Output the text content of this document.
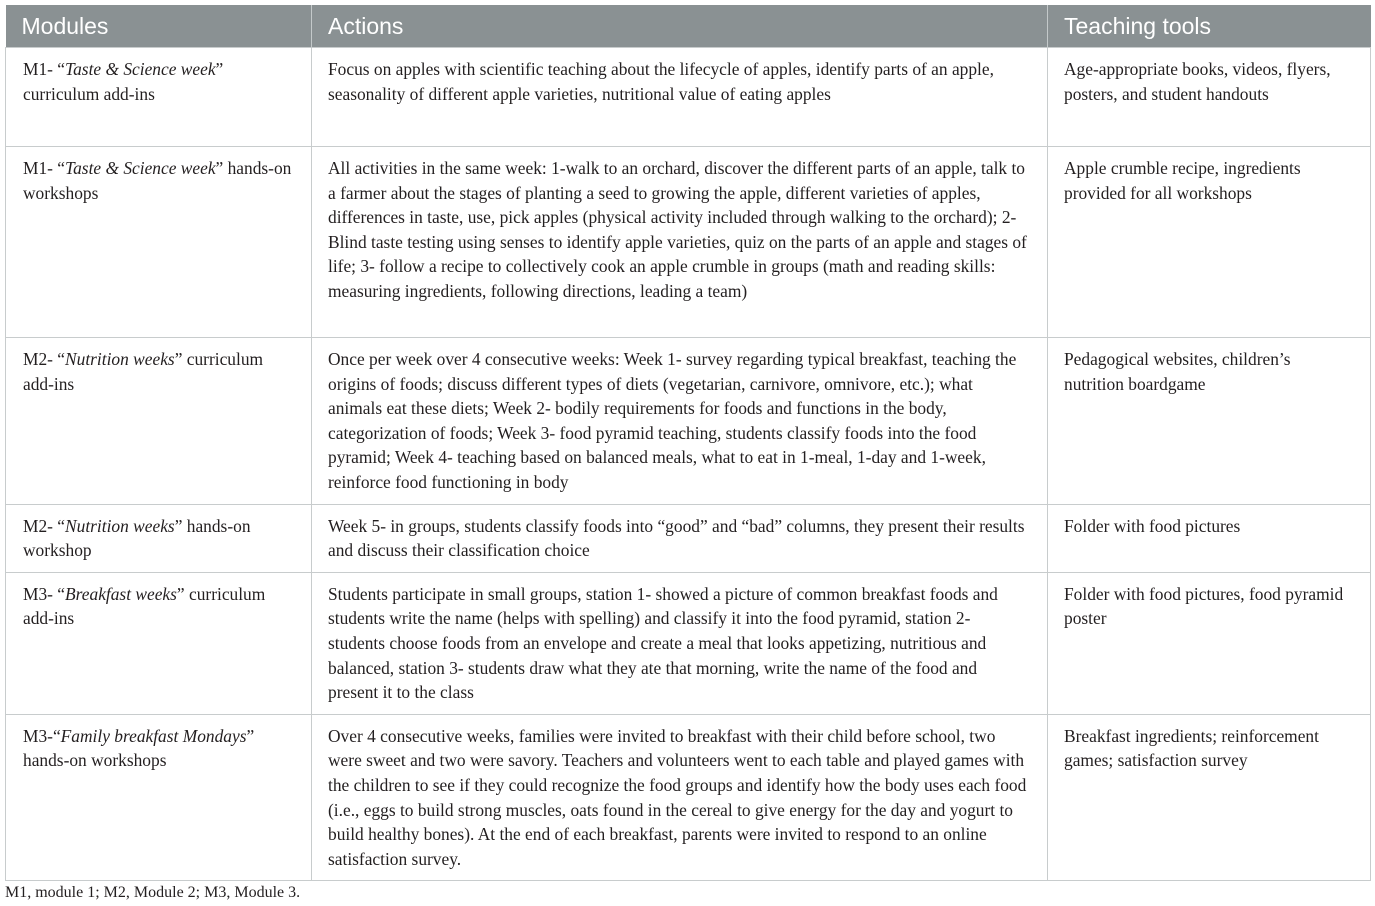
Modules	Actions	Teaching tools
M1- “Taste & Science week” curriculum add-ins	Focus on apples with scientific teaching about the lifecycle of apples, identify parts of an apple, seasonality of different apple varieties, nutritional value of eating apples	Age-appropriate books, videos, flyers, posters, and student handouts
M1- “Taste & Science week” hands-on workshops	All activities in the same week: 1-walk to an orchard, discover the different parts of an apple, talk to a farmer about the stages of planting a seed to growing the apple, different varieties of apples, differences in taste, use, pick apples (physical activity included through walking to the orchard); 2- Blind taste testing using senses to identify apple varieties, quiz on the parts of an apple and stages of life; 3- follow a recipe to collectively cook an apple crumble in groups (math and reading skills: measuring ingredients, following directions, leading a team)	Apple crumble recipe, ingredients provided for all workshops
M2- “Nutrition weeks” curriculum add-ins	Once per week over 4 consecutive weeks: Week 1- survey regarding typical breakfast, teaching the origins of foods; discuss different types of diets (vegetarian, carnivore, omnivore, etc.); what animals eat these diets; Week 2- bodily requirements for foods and functions in the body, categorization of foods; Week 3- food pyramid teaching, students classify foods into the food pyramid; Week 4- teaching based on balanced meals, what to eat in 1-meal, 1-day and 1-week, reinforce food functioning in body	Pedagogical websites, children’s nutrition boardgame
M2- “Nutrition weeks” hands-on workshop	Week 5- in groups, students classify foods into “good” and “bad” columns, they present their results and discuss their classification choice	Folder with food pictures
M3- “Breakfast weeks” curriculum add-ins	Students participate in small groups, station 1- showed a picture of common breakfast foods and students write the name (helps with spelling) and classify it into the food pyramid, station 2- students choose foods from an envelope and create a meal that looks appetizing, nutritious and balanced, station 3- students draw what they ate that morning, write the name of the food and present it to the class	Folder with food pictures, food pyramid poster
M3-“Family breakfast Mondays” hands-on workshops	Over 4 consecutive weeks, families were invited to breakfast with their child before school, two were sweet and two were savory. Teachers and volunteers went to each table and played games with the children to see if they could recognize the food groups and identify how the body uses each food (i.e., eggs to build strong muscles, oats found in the cereal to give energy for the day and yogurt to build healthy bones). At the end of each breakfast, parents were invited to respond to an online satisfaction survey.	Breakfast ingredients; reinforcement games; satisfaction survey
M1, module 1; M2, Module 2; M3, Module 3.
